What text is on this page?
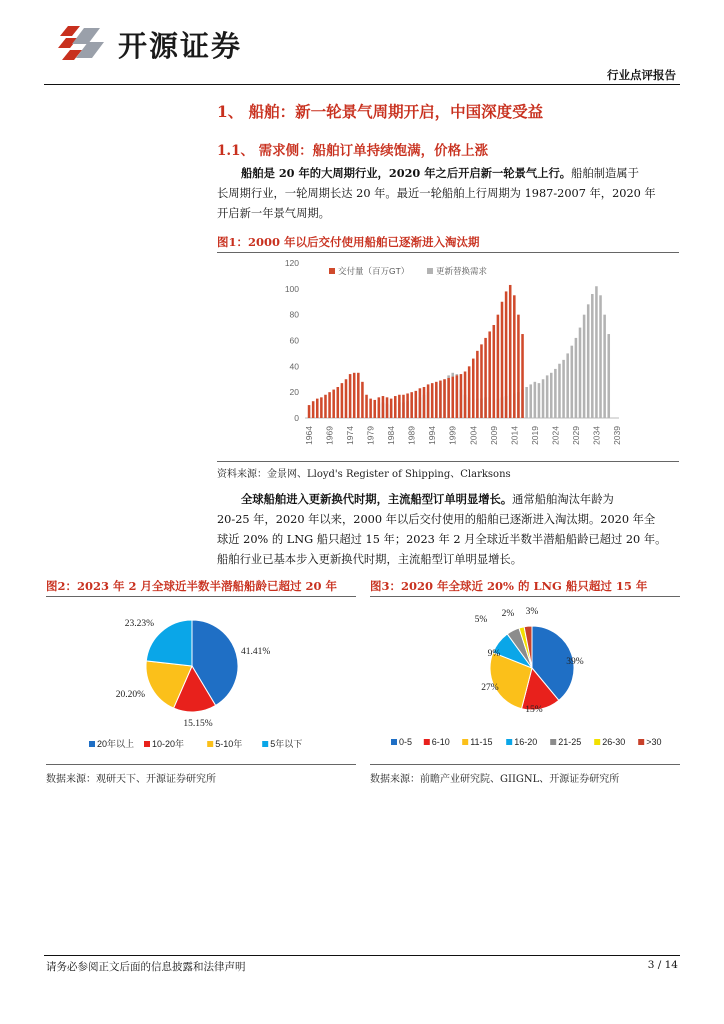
开源证券
行业点评报告
1、 船舶：新一轮景气周期开启，中国深度受益
1.1、 需求侧：船舶订单持续饱满，价格上涨
船舶是 20 年的大周期行业，2020 年之后开启新一轮景气上行。船舶制造属于
长周期行业，一轮周期长达 20 年。最近一轮船舶上行周期为 1987-2007 年，2020 年
开启新一年景气周期。
图1：2000 年以后交付使用船舶已逐渐进入淘汰期
0
20
40
60
80
100
120
1964 1969 1974 1979 1984 1989 1994 1999 2004 2009 2014 2019 2024 2029 2034 2039
交付量（百万GT）	更新替换需求
资料来源：金景网、Lloyd's Register of Shipping、Clarksons
全球船舶进入更新换代时期，主流船型订单明显增长。通常船舶淘汰年龄为
20-25 年，2020 年以来，2000 年以后交付使用的船舶已逐渐进入淘汰期。2020 年全
球近 20% 的 LNG 船只超过 15 年；2023 年 2 月全球近半数半潜船船龄已超过 20 年。
船舶行业已基本步入更新换代时期，主流船型订单明显增长。
图2：2023 年 2 月全球近半数半潜船船龄已超过 20 年
41.41%
15.15%
20.20%
23.23%
20年以上 10-20年	5-10年	5年以下
数据来源：观研天下、开源证券研究所
图3：2020 年全球近 20% 的 LNG 船只超过 15 年
39%
15%
27%
9%
5%
2% 3%
0-5 6-10 11-15 16-20 21-25 26-30 >30
数据来源：前瞻产业研究院、GIIGNL、开源证券研究所
请务必参阅正文后面的信息披露和法律声明	3 / 14
